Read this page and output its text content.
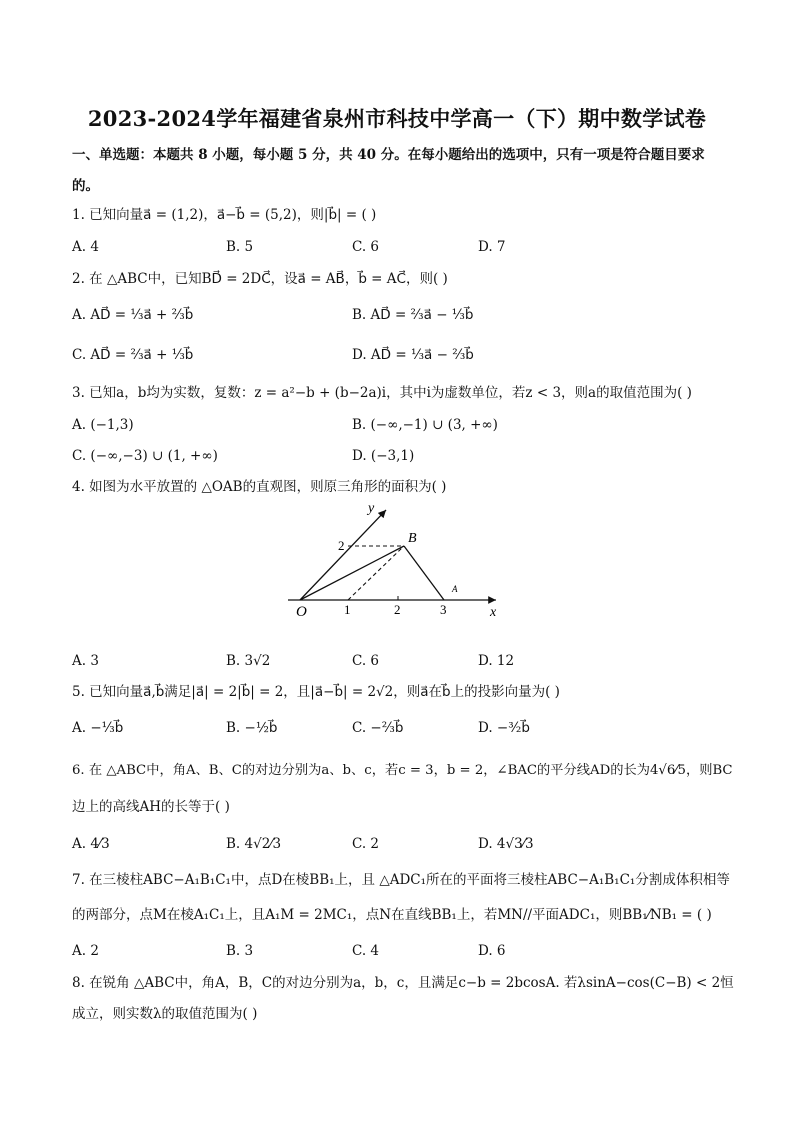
2023-2024学年福建省泉州市科技中学高一（下）期中数学试卷
一、单选题：本题共 8 小题，每小题 5 分，共 40 分。在每小题给出的选项中，只有一项是符合题目要求
的。
1. 已知向量a⃗ = (1,2)，a⃗−b⃗ = (5,2)，则|b⃗| = ( )
A. 4	B. 5	C. 6	D. 7
2. 在 △ABC中，已知BD⃗ = 2DC⃗，设a⃗ = AB⃗，b⃗ = AC⃗，则( )
A. AD⃗ = ⅓a⃗ + ⅔b⃗	B. AD⃗ = ⅔a⃗ − ⅓b⃗
C. AD⃗ = ⅔a⃗ + ⅓b⃗	D. AD⃗ = ⅓a⃗ − ⅔b⃗
3. 已知a，b均为实数，复数：z = a²−b + (b−2a)i，其中i为虚数单位，若z < 3，则a的取值范围为( )
A. (−1,3)	B. (−∞,−1) ∪ (3, +∞)
C. (−∞,−3) ∪ (1, +∞)	D. (−3,1)
4. 如图为水平放置的 △OAB的直观图，则原三角形的面积为( )
O	1	2	3	x
y
2	B
A
A. 3	B. 3√2	C. 6	D. 12
5. 已知向量a⃗,b⃗满足|a⃗| = 2|b⃗| = 2，且|a⃗−b⃗| = 2√2，则a⃗在b⃗上的投影向量为( )
A. −⅓b⃗	B. −½b⃗	C. −⅔b⃗	D. −³⁄₂b⃗
6. 在 △ABC中，角A、B、C的对边分别为a、b、c，若c = 3，b = 2，∠BAC的平分线AD的长为4√6⁄5，则BC
边上的高线AH的长等于( )
A. 4⁄3	B. 4√2⁄3	C. 2	D. 4√3⁄3
7. 在三棱柱ABC−A₁B₁C₁中，点D在棱BB₁上，且 △ADC₁所在的平面将三棱柱ABC−A₁B₁C₁分割成体积相等
的两部分，点M在棱A₁C₁上，且A₁M = 2MC₁，点N在直线BB₁上，若MN//平面ADC₁，则BB₁⁄NB₁ = ( )
A. 2	B. 3	C. 4	D. 6
8. 在锐角 △ABC中，角A，B，C的对边分别为a，b，c，且满足c−b = 2bcosA. 若λsinA−cos(C−B) < 2恒
成立，则实数λ的取值范围为( )
